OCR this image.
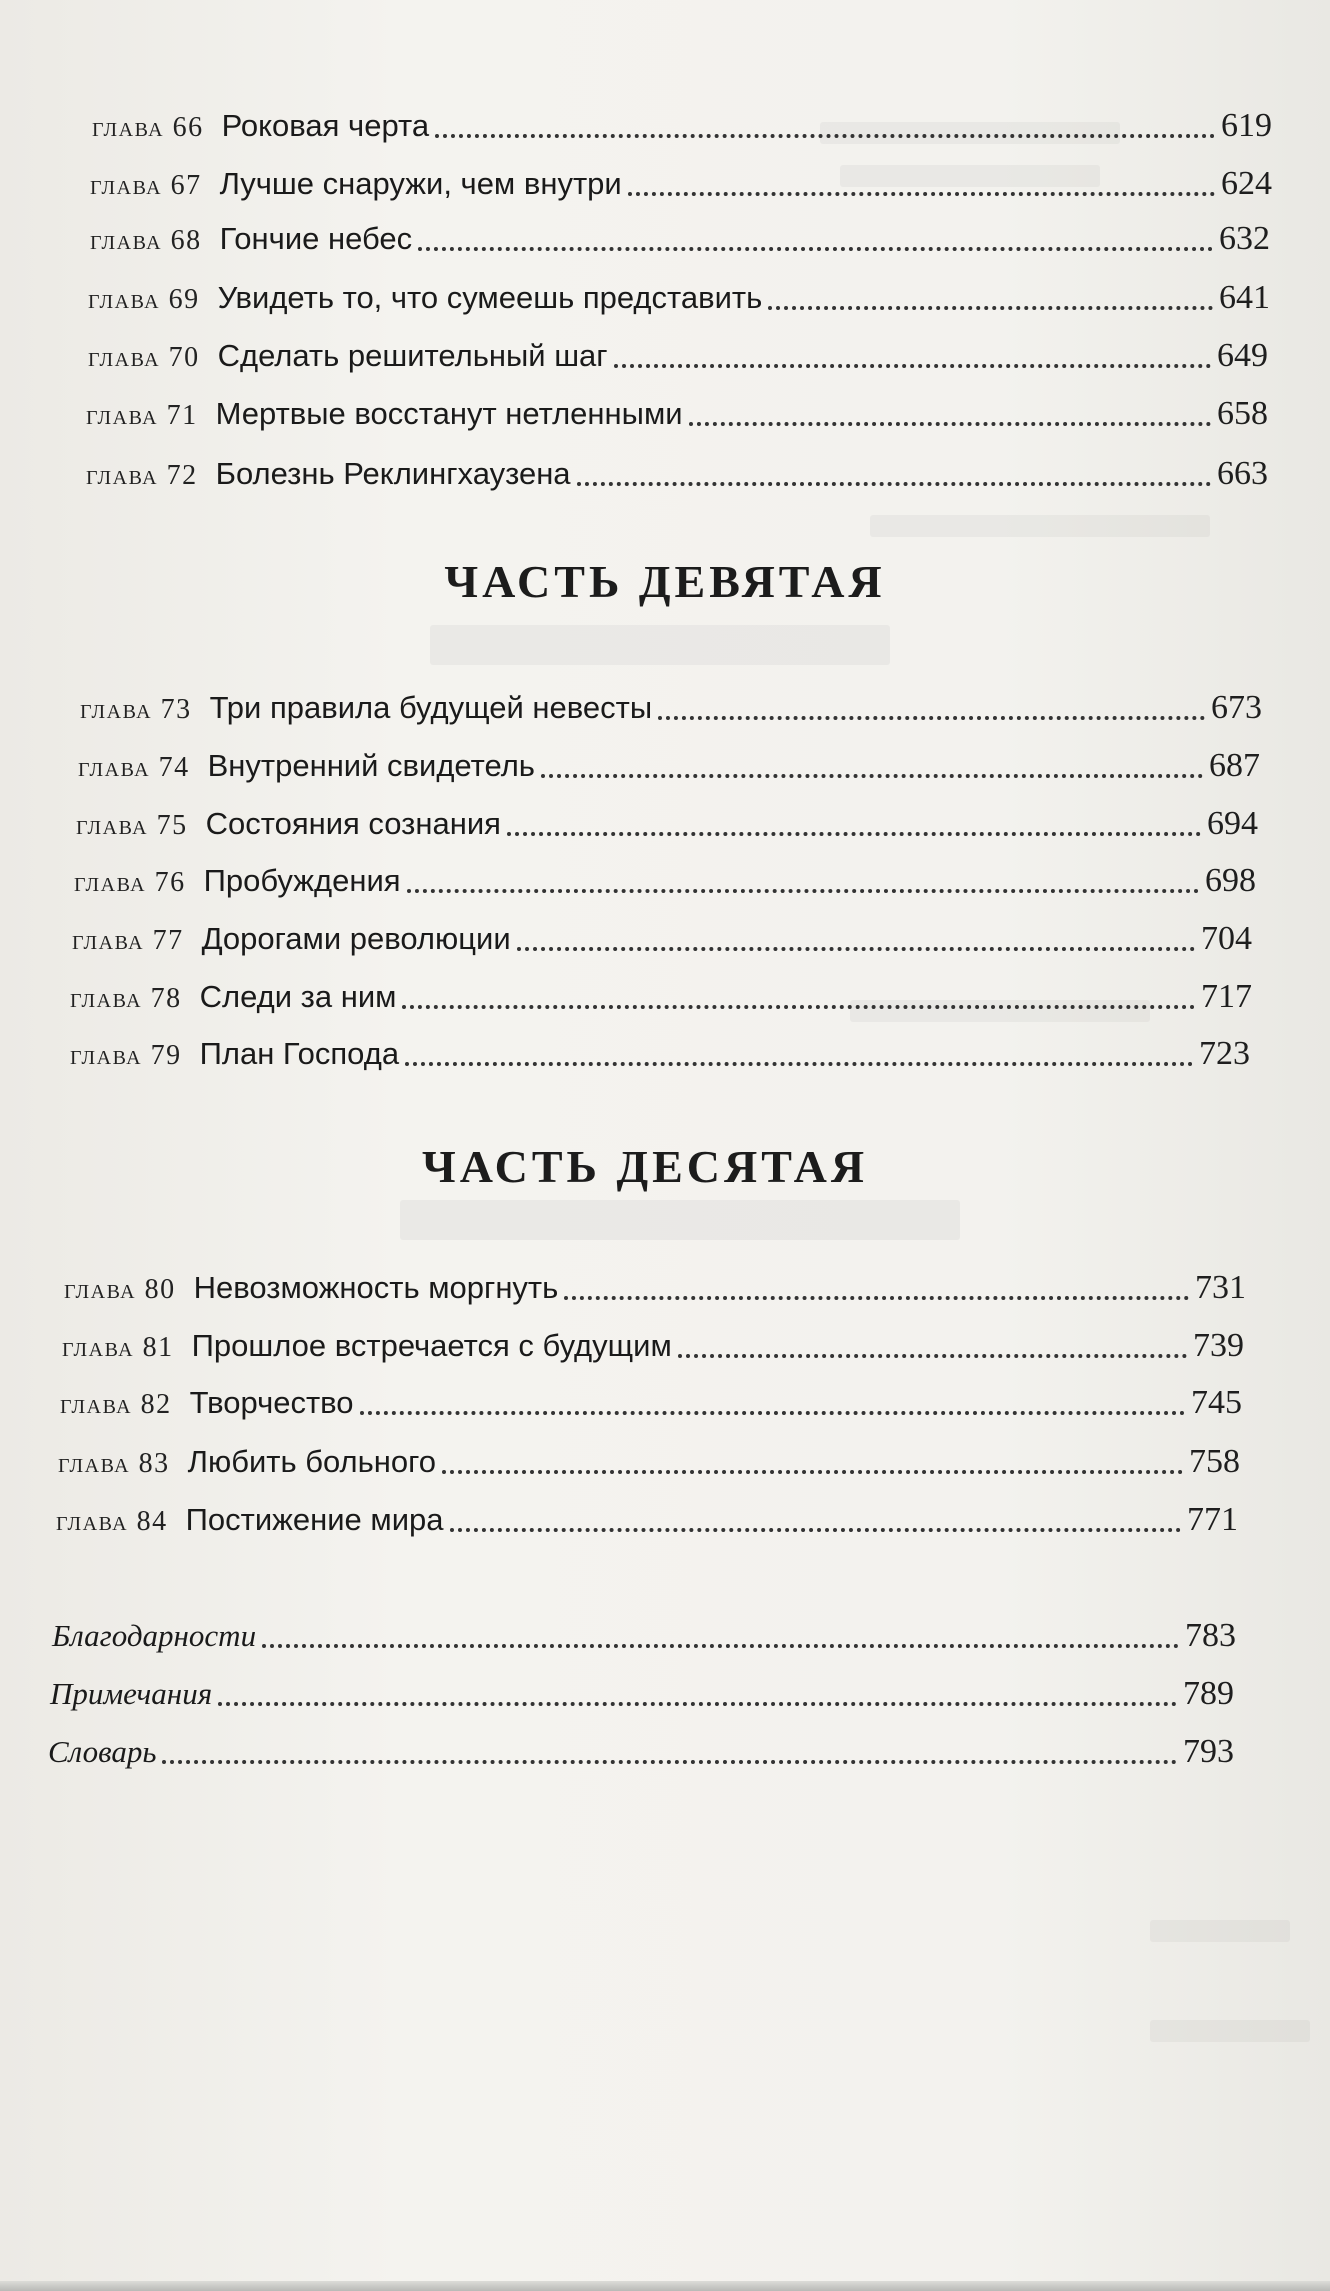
глава 66 Роковая черта	619
глава 67 Лучше снаружи, чем внутри	624
глава 68 Гончие небес	632
глава 69 Увидеть то, что сумеешь представить	641
глава 70 Сделать решительный шаг	649
глава 71 Мертвые восстанут нетленными	658
глава 72 Болезнь Реклингхаузена	663
ЧАСТЬ ДЕВЯТАЯ
глава 73 Три правила будущей невесты	673
глава 74 Внутренний свидетель	687
глава 75 Состояния сознания	694
глава 76 Пробуждения	698
глава 77 Дорогами революции	704
глава 78 Следи за ним	717
глава 79 План Господа	723
ЧАСТЬ ДЕСЯТАЯ
глава 80 Невозможность моргнуть	731
глава 81 Прошлое встречается с будущим	739
глава 82 Творчество	745
глава 83 Любить больного	758
глава 84 Постижение мира	771
Благодарности	783
Примечания	789
Словарь	793
